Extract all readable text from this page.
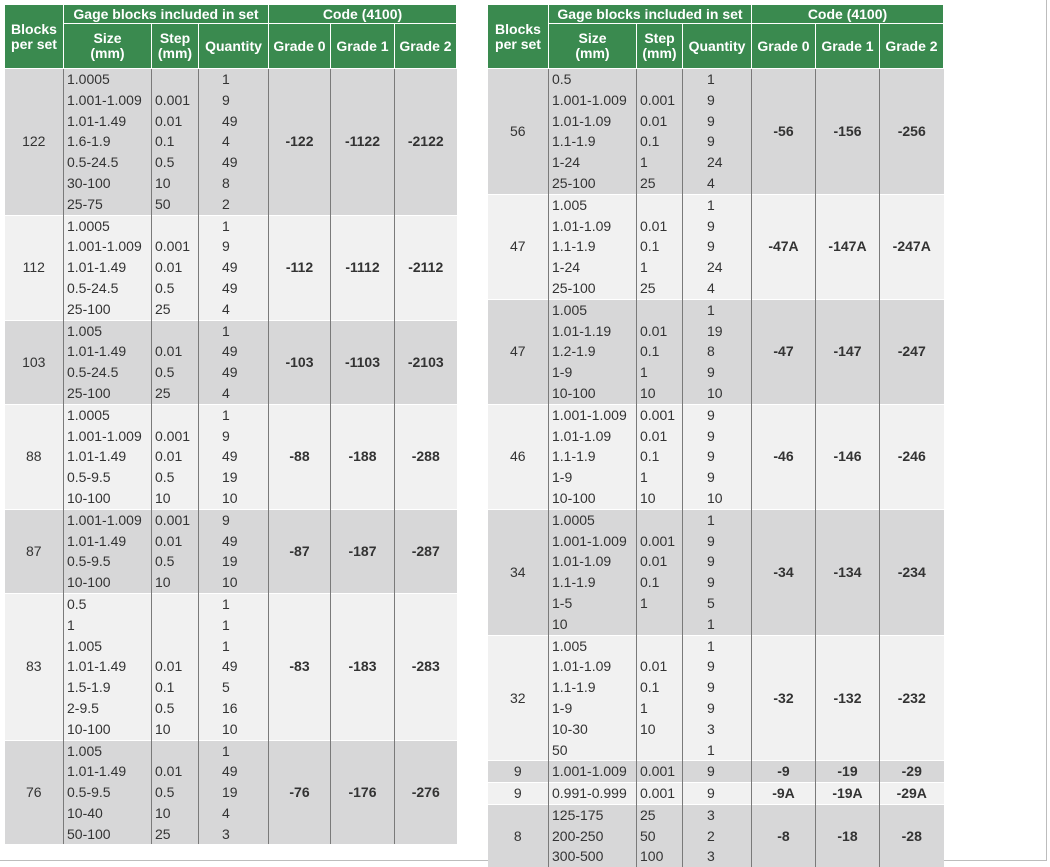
Blocks
per set	Gage blocks included in set			Code (4100)		
	Size
(mm)	Step
(mm)	Quantity	Grade 0	Grade 1	Grade 2
122	1.0005		1	-122	-1122	-2122
	1.001-1.009	0.001	9			
	1.01-1.49	0.01	49			
	1.6-1.9	0.1	4			
	0.5-24.5	0.5	49			
	30-100	10	8			
	25-75	50	2			
112	1.0005		1	-112	-1112	-2112
	1.001-1.009	0.001	9			
	1.01-1.49	0.01	49			
	0.5-24.5	0.5	49			
	25-100	25	4			
103	1.005		1	-103	-1103	-2103
	1.01-1.49	0.01	49			
	0.5-24.5	0.5	49			
	25-100	25	4			
88	1.0005		1	-88	-188	-288
	1.001-1.009	0.001	9			
	1.01-1.49	0.01	49			
	0.5-9.5	0.5	19			
	10-100	10	10			
87	1.001-1.009	0.001	9	-87	-187	-287
	1.01-1.49	0.01	49			
	0.5-9.5	0.5	19			
	10-100	10	10			
83	0.5		1	-83	-183	-283
	1		1			
	1.005		1			
	1.01-1.49	0.01	49			
	1.5-1.9	0.1	5			
	2-9.5	0.5	16			
	10-100	10	10			
76	1.005		1	-76	-176	-276
	1.01-1.49	0.01	49			
	0.5-9.5	0.5	19			
	10-40	10	4			
	50-100	25	3			
Blocks
per set	Gage blocks included in set			Code (4100)		
	Size
(mm)	Step
(mm)	Quantity	Grade 0	Grade 1	Grade 2
56	0.5		1	-56	-156	-256
	1.001-1.009	0.001	9			
	1.01-1.09	0.01	9			
	1.1-1.9	0.1	9			
	1-24	1	24			
	25-100	25	4			
47	1.005		1	-47A	-147A	-247A
	1.01-1.09	0.01	9			
	1.1-1.9	0.1	9			
	1-24	1	24			
	25-100	25	4			
47	1.005		1	-47	-147	-247
	1.01-1.19	0.01	19			
	1.2-1.9	0.1	8			
	1-9	1	9			
	10-100	10	10			
46	1.001-1.009	0.001	9	-46	-146	-246
	1.01-1.09	0.01	9			
	1.1-1.9	0.1	9			
	1-9	1	9			
	10-100	10	10			
34	1.0005		1	-34	-134	-234
	1.001-1.009	0.001	9			
	1.01-1.09	0.01	9			
	1.1-1.9	0.1	9			
	1-5	1	5			
	10		1			
32	1.005		1	-32	-132	-232
	1.01-1.09	0.01	9			
	1.1-1.9	0.1	9			
	1-9	1	9			
	10-30	10	3			
	50		1			
9	1.001-1.009	0.001	9	-9	-19	-29
9	0.991-0.999	0.001	9	-9A	-19A	-29A
8	125-175	25	3	-8	-18	-28
	200-250	50	2			
	300-500	100	3			
